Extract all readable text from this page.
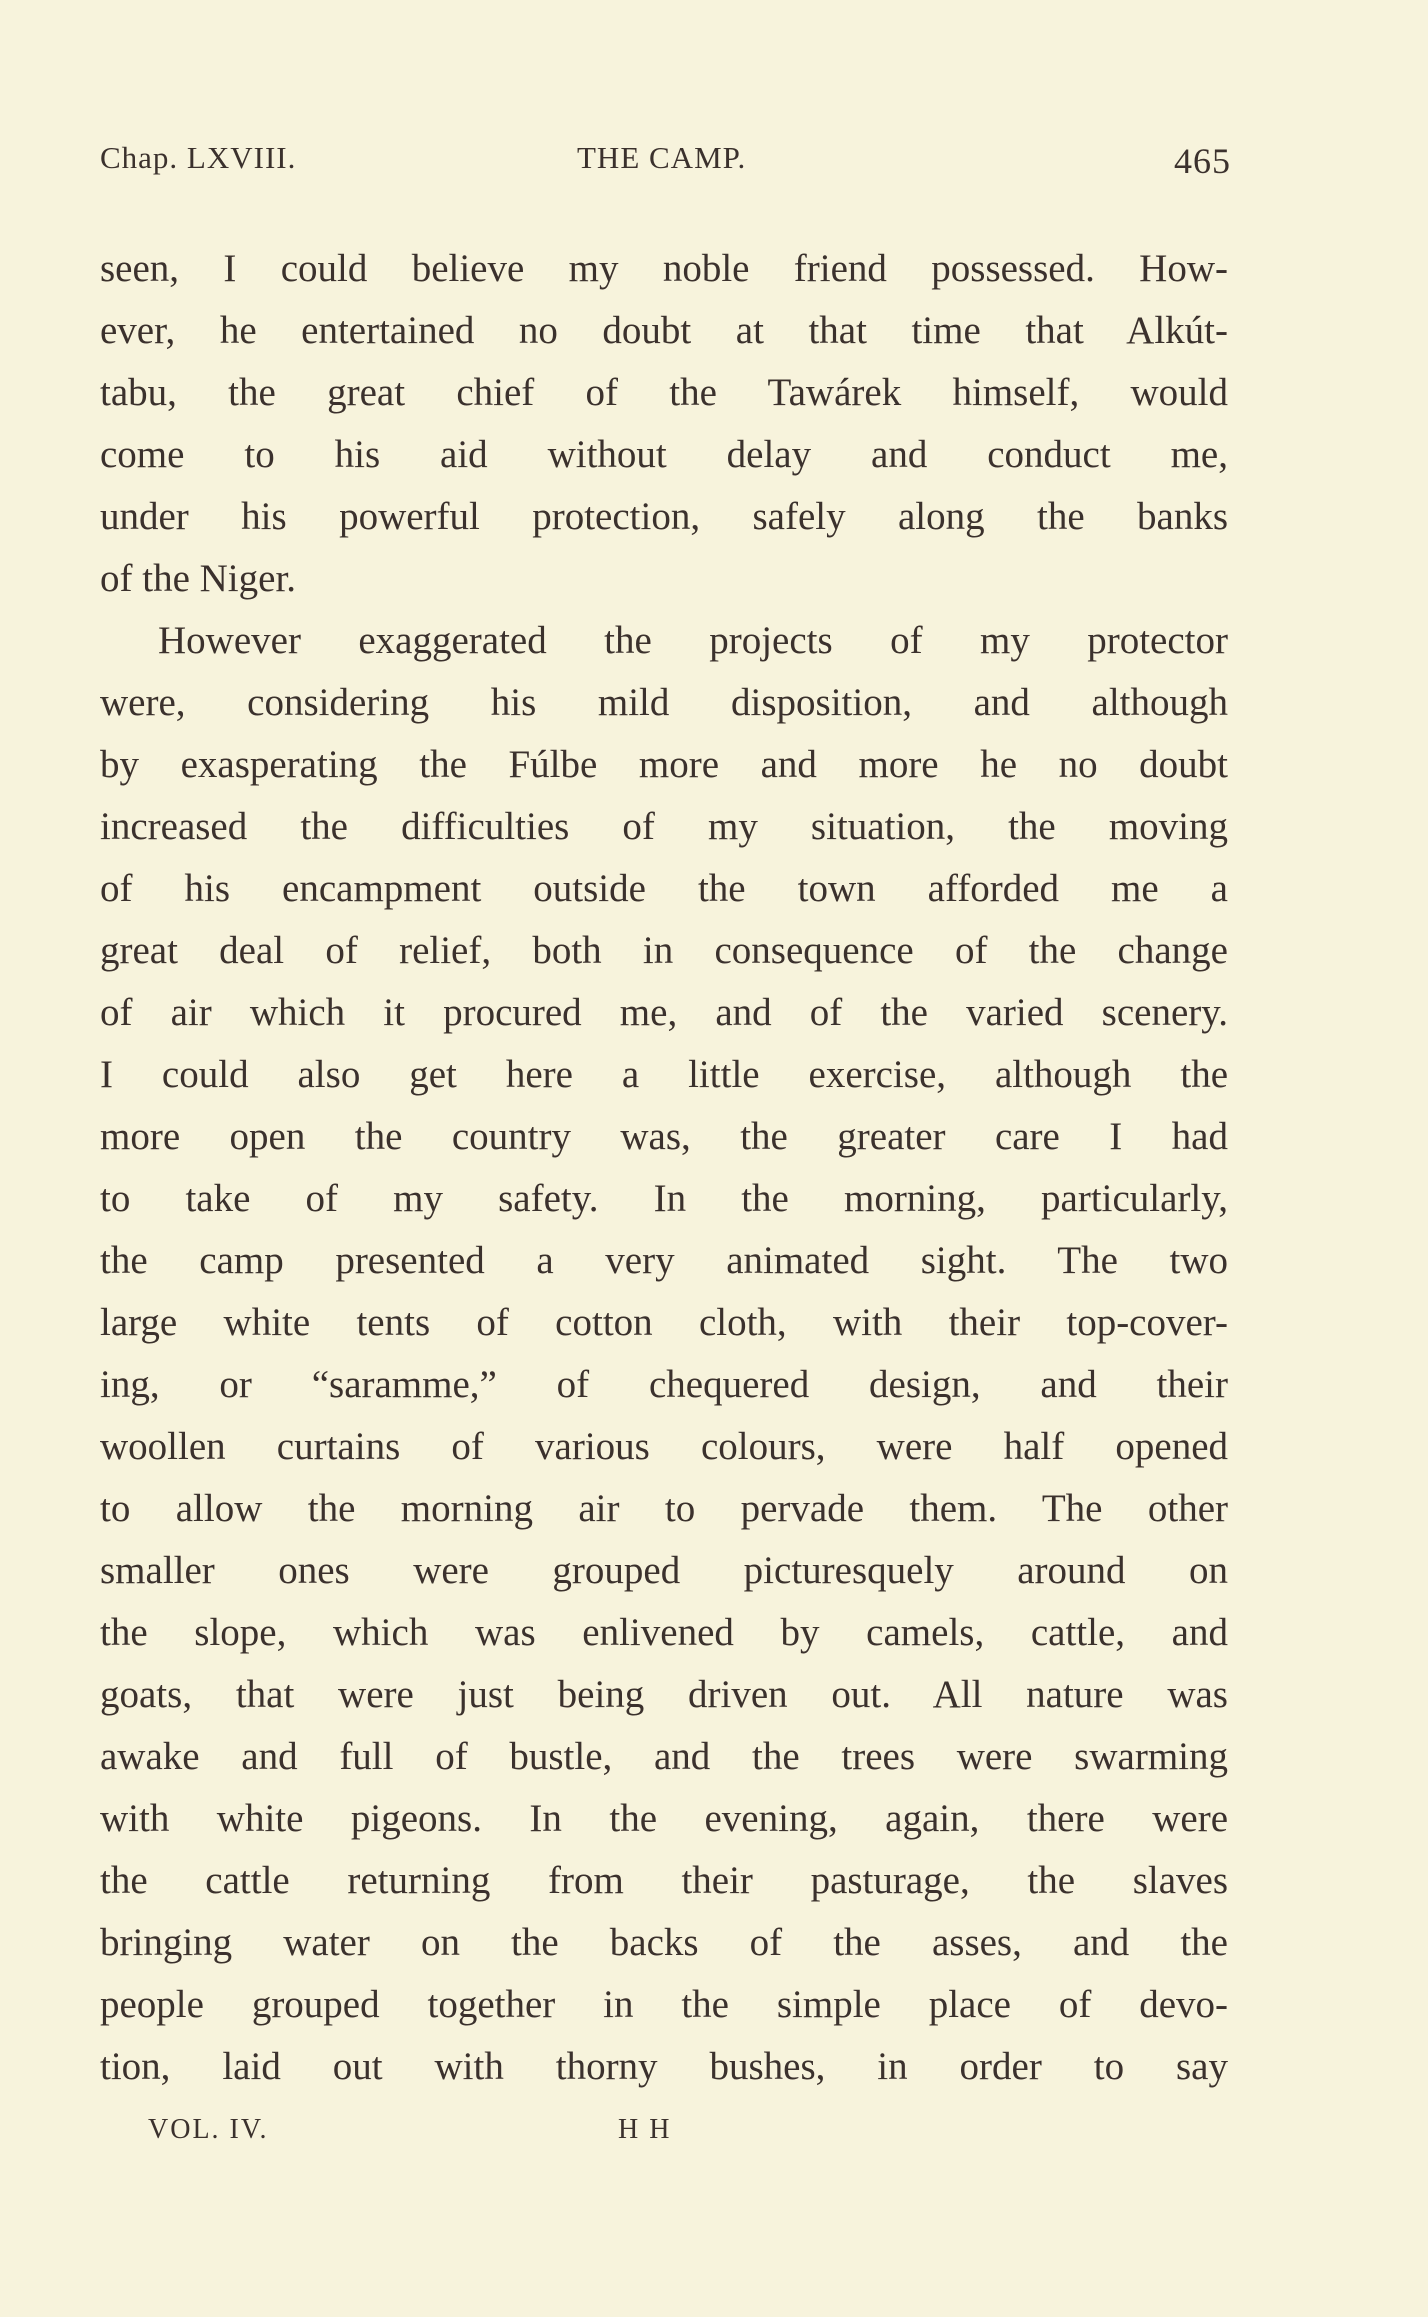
Chap. LXVIII.	THE CAMP.	465
seen, I could believe my noble friend possessed. How-
ever, he entertained no doubt at that time that Alkút-
tabu, the great chief of the Tawárek himself, would
come to his aid without delay and conduct me,
under his powerful protection, safely along the banks
of the Niger.
However exaggerated the projects of my protector
were, considering his mild disposition, and although
by exasperating the Fúlbe more and more he no doubt
increased the difficulties of my situation, the moving
of his encampment outside the town afforded me a
great deal of relief, both in consequence of the change
of air which it procured me, and of the varied scenery.
I could also get here a little exercise, although the
more open the country was, the greater care I had
to take of my safety. In the morning, particularly,
the camp presented a very animated sight. The two
large white tents of cotton cloth, with their top-cover-
ing, or “saramme,” of chequered design, and their
woollen curtains of various colours, were half opened
to allow the morning air to pervade them. The other
smaller ones were grouped picturesquely around on
the slope, which was enlivened by camels, cattle, and
goats, that were just being driven out. All nature was
awake and full of bustle, and the trees were swarming
with white pigeons. In the evening, again, there were
the cattle returning from their pasturage, the slaves
bringing water on the backs of the asses, and the
people grouped together in the simple place of devo-
tion, laid out with thorny bushes, in order to say
VOL. IV.	H H
